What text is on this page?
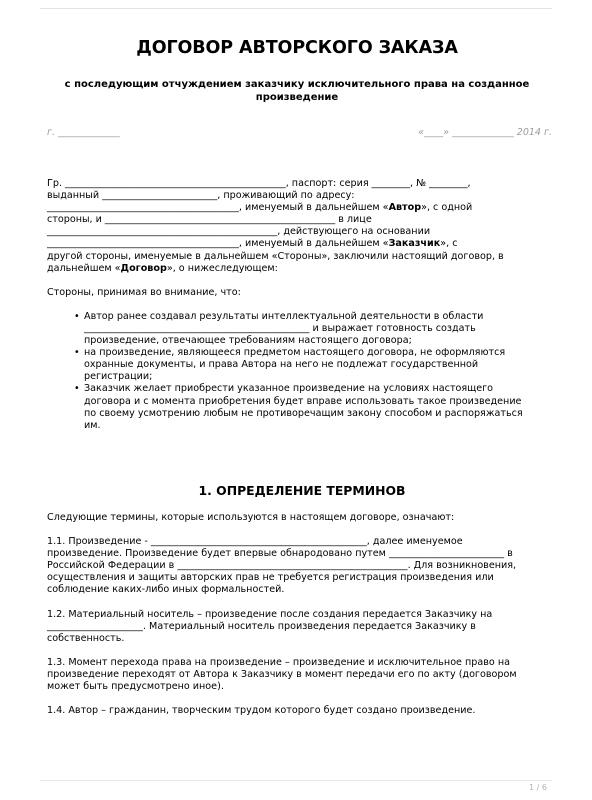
ДОГОВОР АВТОРСКОГО ЗАКАЗА
с последующим отчуждением заказчику исключительного права на созданное
произведение
г. _____________	«____» _____________ 2014 г.

Гр. ______________________________________________, паспорт: серия ________, № ________,
выданный ________________________, проживающий по адресу:
________________________________________, именуемый в дальнейшем «Автор», с одной
стороны, и ________________________________________________ в лице
________________________________________________, действующего на основании
________________________________________, именуемый в дальнейшем «Заказчик», с
другой стороны, именуемые в дальнейшем «Стороны», заключили настоящий договор, в
дальнейшем «Договор», о нижеследующем:

Стороны, принимая во внимание, что:

• Автор ранее создавал результаты интеллектуальной деятельности в области
_______________________________________________ и выражает готовность создать
произведение, отвечающее требованиям настоящего договора;
• на произведение, являющееся предметом настоящего договора, не оформляются
охранные документы, и права Автора на него не подлежат государственной
регистрации;
• Заказчик желает приобрести указанное произведение на условиях настоящего
договора и с момента приобретения будет вправе использовать такое произведение
по своему усмотрению любым не противоречащим закону способом и распоряжаться
им.
1. ОПРЕДЕЛЕНИЕ ТЕРМИНОВ

Следующие термины, которые используются в настоящем договоре, означают:

1.1. Произведение - _____________________________________________, далее именуемое
произведение. Произведение будет впервые обнародовано путем ________________________ в
Российской Федерации в ________________________________________________. Для возникновения,
осуществления и защиты авторских прав не требуется регистрация произведения или
соблюдение каких-либо иных формальностей.

1.2. Материальный носитель – произведение после создания передается Заказчику на
____________________. Материальный носитель произведения передается Заказчику в
собственность.

1.3. Момент перехода права на произведение – произведение и исключительное право на
произведение переходят от Автора к Заказчику в момент передачи его по акту (договором
может быть предусмотрено иное).

1.4. Автор – гражданин, творческим трудом которого будет создано произведение.

1 / 6
